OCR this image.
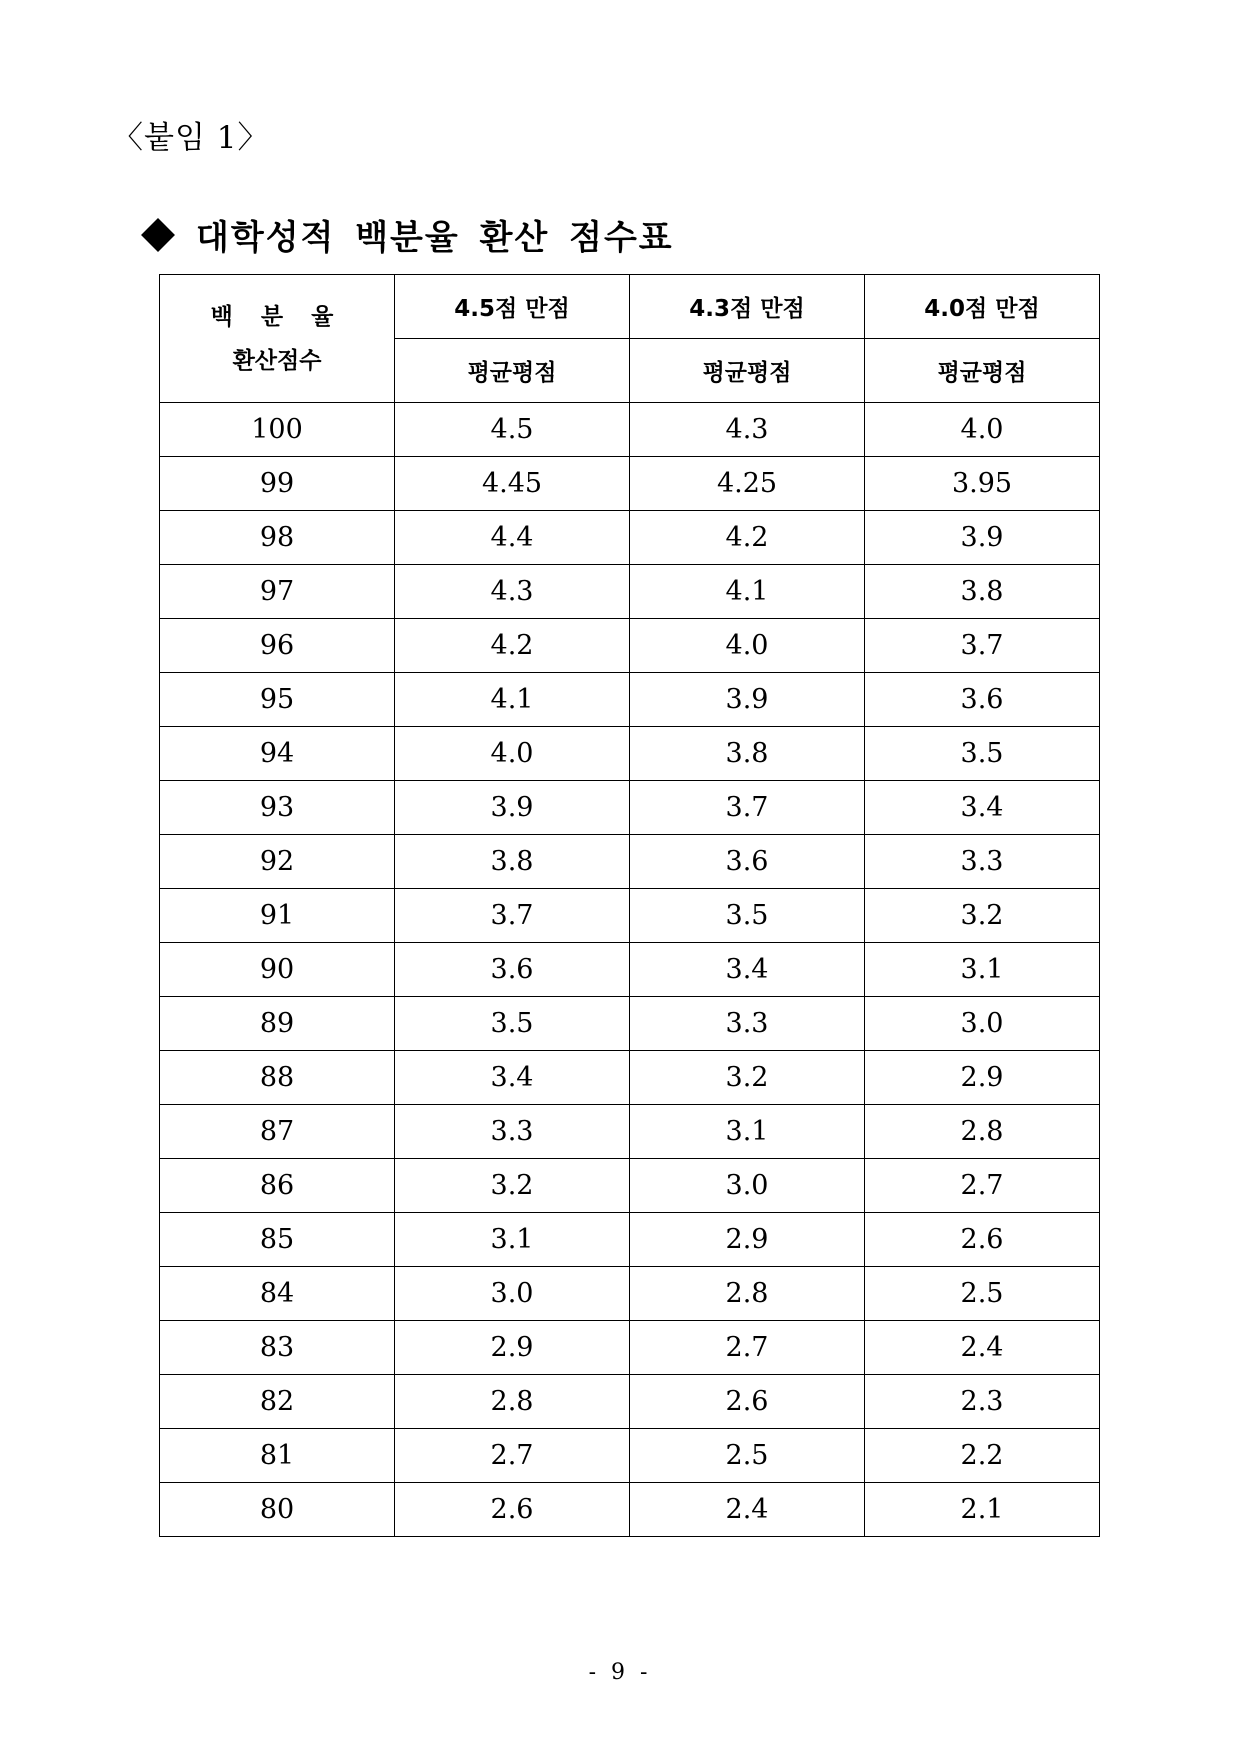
〈붙임 1〉
대학성적 백분율 환산 점수표
백 분 율
환산점수	4.5점 만점	4.3점 만점	4.0점 만점
	평균평점	평균평점	평균평점
100	4.5	4.3	4.0
99	4.45	4.25	3.95
98	4.4	4.2	3.9
97	4.3	4.1	3.8
96	4.2	4.0	3.7
95	4.1	3.9	3.6
94	4.0	3.8	3.5
93	3.9	3.7	3.4
92	3.8	3.6	3.3
91	3.7	3.5	3.2
90	3.6	3.4	3.1
89	3.5	3.3	3.0
88	3.4	3.2	2.9
87	3.3	3.1	2.8
86	3.2	3.0	2.7
85	3.1	2.9	2.6
84	3.0	2.8	2.5
83	2.9	2.7	2.4
82	2.8	2.6	2.3
81	2.7	2.5	2.2
80	2.6	2.4	2.1
- 9 -
